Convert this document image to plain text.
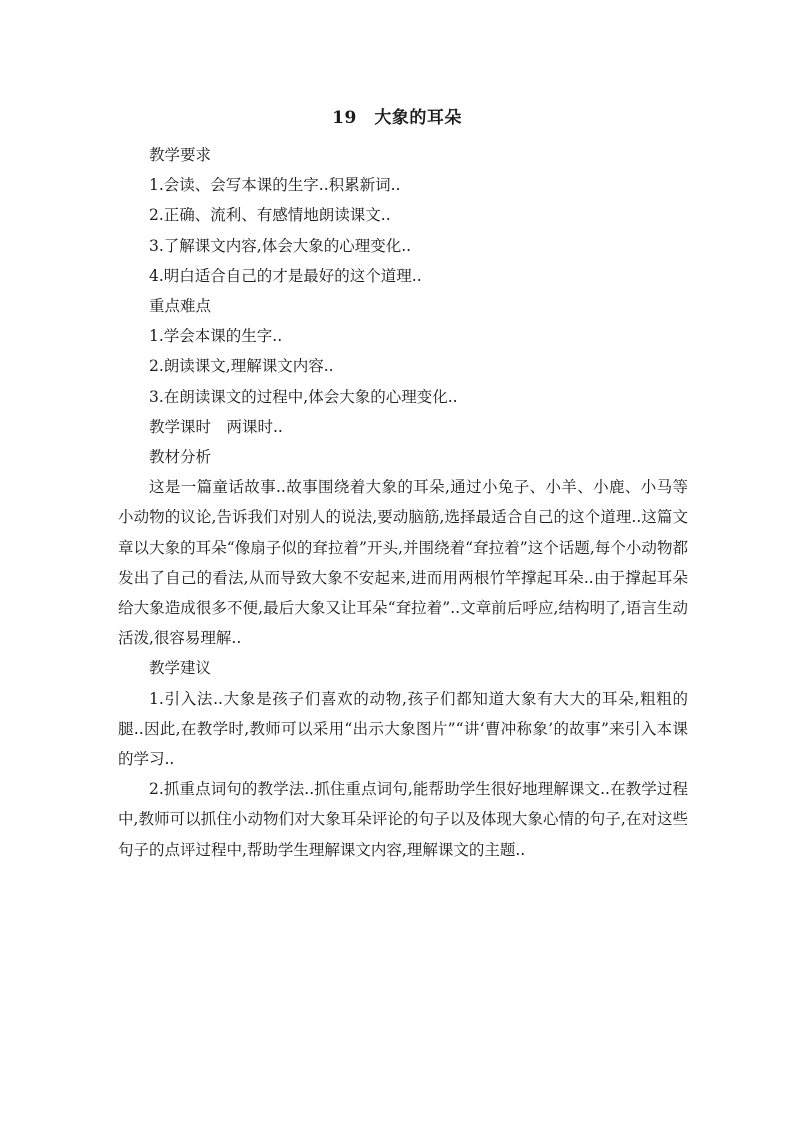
19　大象的耳朵

教学要求

1.会读、会写本课的生字..积累新词..

2.正确、流利、有感情地朗读课文..

3.了解课文内容,体会大象的心理变化..

4.明白适合自己的才是最好的这个道理..

重点难点

1.学会本课的生字..

2.朗读课文,理解课文内容..

3.在朗读课文的过程中,体会大象的心理变化..

教学课时　两课时..

教材分析

这是一篇童话故事..故事围绕着大象的耳朵,通过小兔子、小羊、小鹿、小马等小动物的议论,告诉我们对别人的说法,要动脑筋,选择最适合自己的这个道理..这篇文章以大象的耳朵“像扇子似的耷拉着”开头,并围绕着“耷拉着”这个话题,每个小动物都发出了自己的看法,从而导致大象不安起来,进而用两根竹竿撑起耳朵..由于撑起耳朵给大象造成很多不便,最后大象又让耳朵“耷拉着”..文章前后呼应,结构明了,语言生动活泼,很容易理解..

教学建议

1.引入法..大象是孩子们喜欢的动物,孩子们都知道大象有大大的耳朵,粗粗的腿..因此,在教学时,教师可以采用“出示大象图片”“讲‘曹冲称象’的故事”来引入本课的学习..

2.抓重点词句的教学法..抓住重点词句,能帮助学生很好地理解课文..在教学过程中,教师可以抓住小动物们对大象耳朵评论的句子以及体现大象心情的句子,在对这些句子的点评过程中,帮助学生理解课文内容,理解课文的主题..
